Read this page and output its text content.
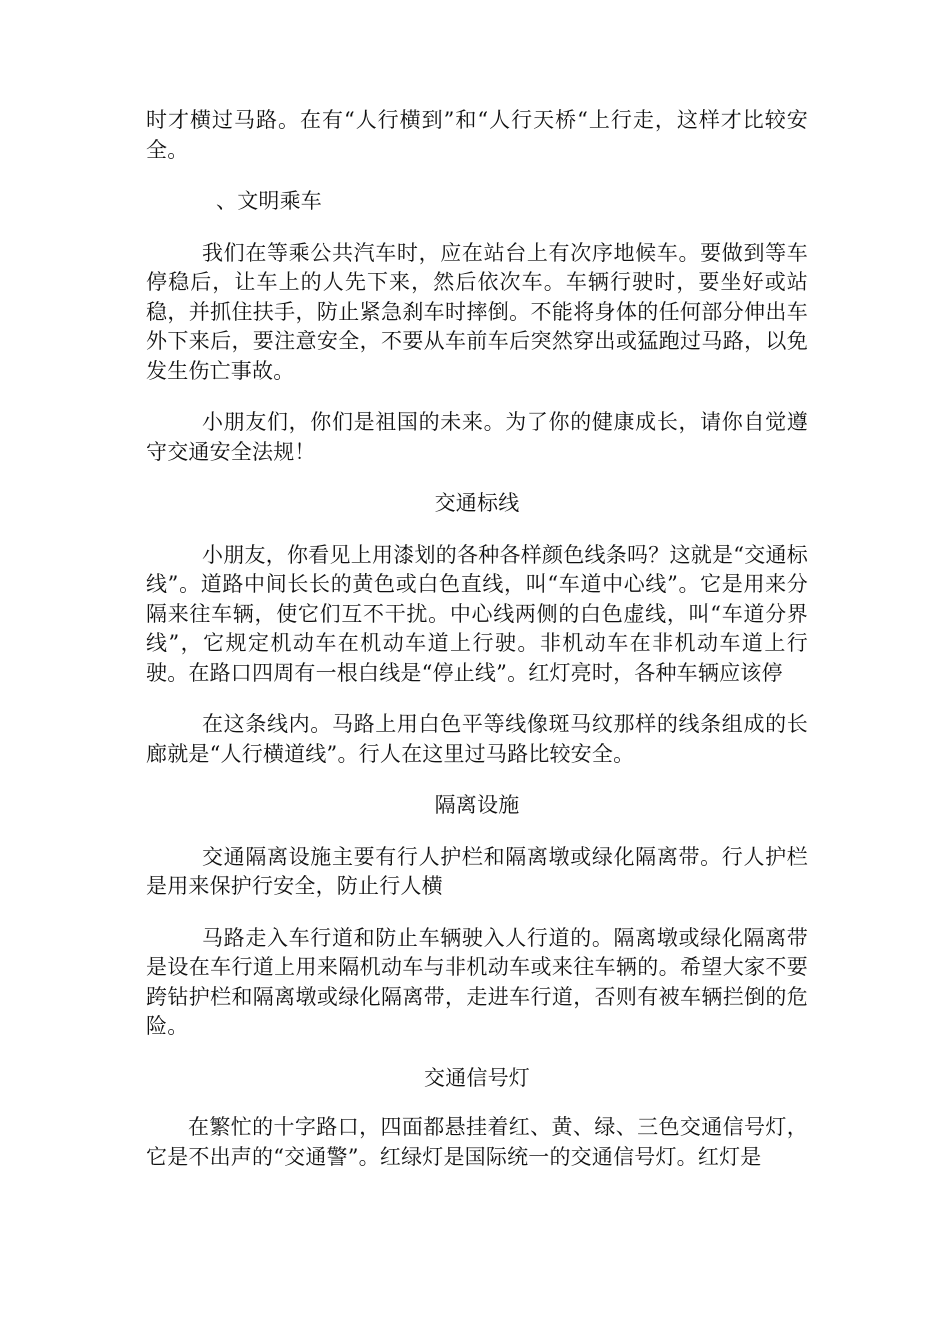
时才横过马路。在有“人行横到”和“人行天桥“上行走，这样才比较安全。

、文明乘车

我们在等乘公共汽车时，应在站台上有次序地候车。要做到等车停稳后，让车上的人先下来，然后依次车。车辆行驶时，要坐好或站稳，并抓住扶手，防止紧急刹车时摔倒。不能将身体的任何部分伸出车外下来后，要注意安全，不要从车前车后突然穿出或猛跑过马路，以免发生伤亡事故。

小朋友们，你们是祖国的未来。为了你的健康成长，请你自觉遵守交通安全法规！

交通标线

小朋友，你看见上用漆划的各种各样颜色线条吗？这就是“交通标线”。道路中间长长的黄色或白色直线，叫“车道中心线”。它是用来分隔来往车辆，使它们互不干扰。中心线两侧的白色虚线，叫“车道分界线”，它规定机动车在机动车道上行驶。非机动车在非机动车道上行驶。在路口四周有一根白线是“停止线”。红灯亮时，各种车辆应该停

在这条线内。马路上用白色平等线像斑马纹那样的线条组成的长廊就是“人行横道线”。行人在这里过马路比较安全。

隔离设施

交通隔离设施主要有行人护栏和隔离墩或绿化隔离带。行人护栏是用来保护行安全，防止行人横

马路走入车行道和防止车辆驶入人行道的。隔离墩或绿化隔离带是设在车行道上用来隔机动车与非机动车或来往车辆的。希望大家不要跨钻护栏和隔离墩或绿化隔离带，走进车行道，否则有被车辆拦倒的危险。

交通信号灯

在繁忙的十字路口，四面都悬挂着红、黄、绿、三色交通信号灯，它是不出声的“交通警”。红绿灯是国际统一的交通信号灯。红灯是
